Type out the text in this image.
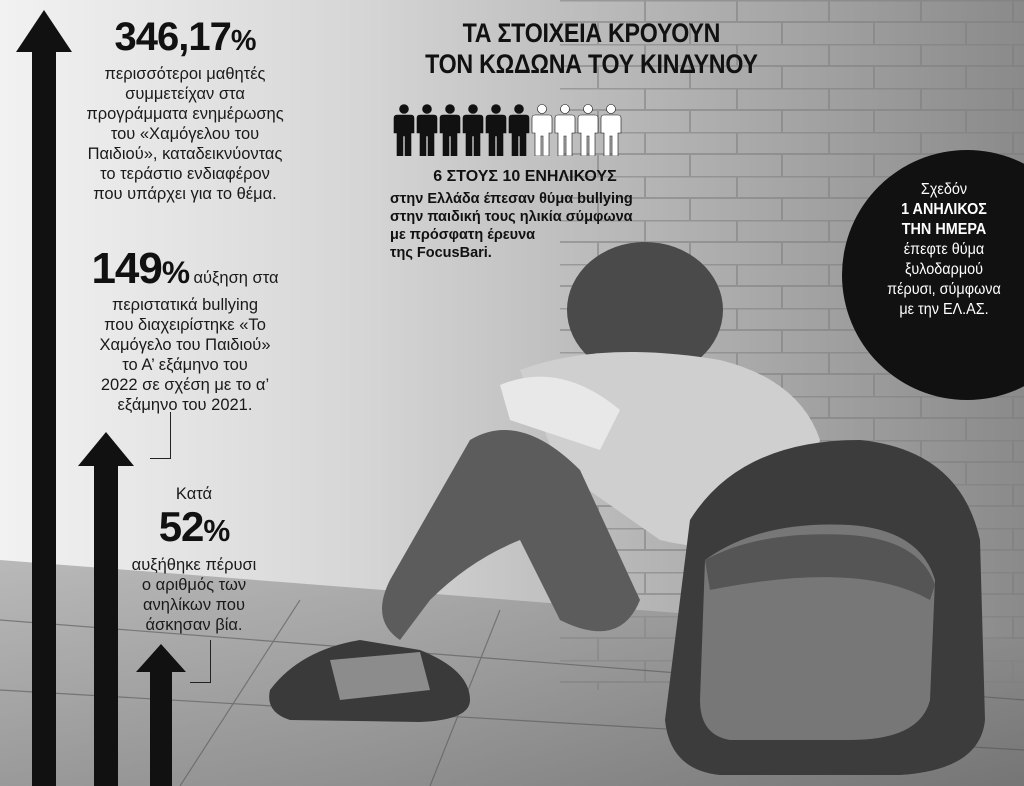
346,17%
περισσότεροι μαθητές
συμμετείχαν στα
προγράμματα ενημέρωσης
του «Χαμόγελου του
Παιδιού», καταδεικνύοντας
το τεράστιο ενδιαφέρον
που υπάρχει για το θέμα.
149% αύξηση στα
περιστατικά bullying
που διαχειρίστηκε «Το
Χαμόγελο του Παιδιού»
το Α’ εξάμηνο του
2022 σε σχέση με το α’
εξάμηνο του 2021.
Κατά
52%
αυξήθηκε πέρυσι
ο αριθμός των
ανηλίκων που
άσκησαν βία.
ΤΑ ΣΤΟΙΧΕΙΑ ΚΡΟΥΟΥΝ
ΤΟΝ ΚΩΔΩΝΑ ΤΟΥ ΚΙΝΔΥΝΟΥ
6 ΣΤΟΥΣ 10 ΕΝΗΛΙΚΟΥΣ
στην Ελλάδα έπεσαν θύμα bullying
στην παιδική τους ηλικία σύμφωνα
με πρόσφατη έρευνα
της FocusBari.
Σχεδόν
1 ΑΝΗΛΙΚΟΣ
ΤΗΝ ΗΜΕΡΑ
έπεφτε θύμα
ξυλοδαρμού
πέρυσι, σύμφωνα
με την ΕΛ.ΑΣ.
